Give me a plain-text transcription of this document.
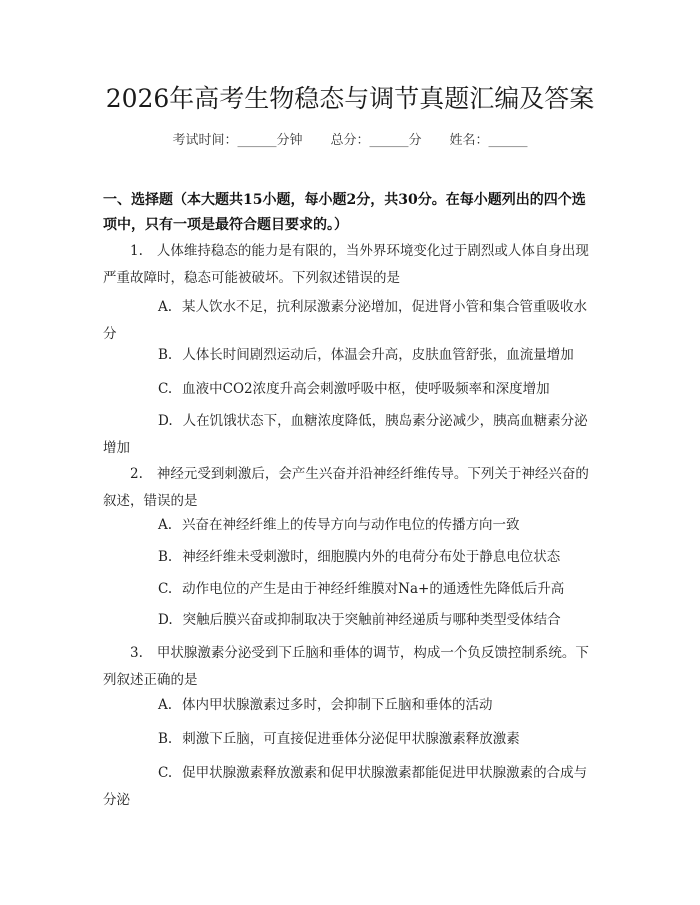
2026年高考生物稳态与调节真题汇编及答案
考试时间：______分钟 总分：______分 姓名：______
一、选择题（本大题共15小题，每小题2分，共30分。在每小题列出的四个选项中，只有一项是最符合题目要求的。）
1. 人体维持稳态的能力是有限的，当外界环境变化过于剧烈或人体自身出现严重故障时，稳态可能被破坏。下列叙述错误的是
A. 某人饮水不足，抗利尿激素分泌增加，促进肾小管和集合管重吸收水分
B. 人体长时间剧烈运动后，体温会升高，皮肤血管舒张，血流量增加
C. 血液中CO2浓度升高会刺激呼吸中枢，使呼吸频率和深度增加
D. 人在饥饿状态下，血糖浓度降低，胰岛素分泌减少，胰高血糖素分泌增加
2. 神经元受到刺激后，会产生兴奋并沿神经纤维传导。下列关于神经兴奋的叙述，错误的是
A. 兴奋在神经纤维上的传导方向与动作电位的传播方向一致
B. 神经纤维未受刺激时，细胞膜内外的电荷分布处于静息电位状态
C. 动作电位的产生是由于神经纤维膜对Na+的通透性先降低后升高
D. 突触后膜兴奋或抑制取决于突触前神经递质与哪种类型受体结合
3. 甲状腺激素分泌受到下丘脑和垂体的调节，构成一个负反馈控制系统。下列叙述正确的是
A. 体内甲状腺激素过多时，会抑制下丘脑和垂体的活动
B. 刺激下丘脑，可直接促进垂体分泌促甲状腺激素释放激素
C. 促甲状腺激素释放激素和促甲状腺激素都能促进甲状腺激素的合成与分泌
